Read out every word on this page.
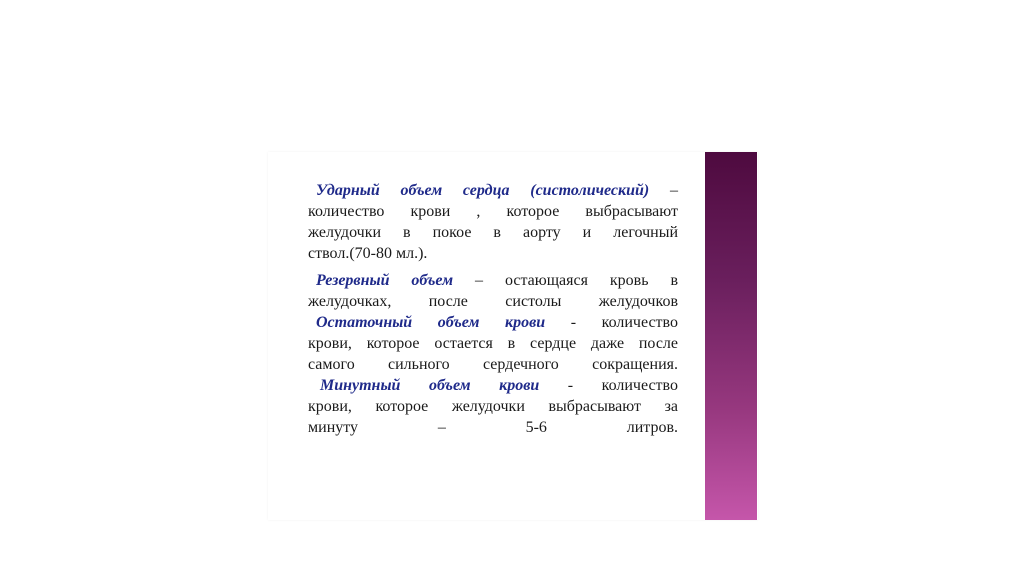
Ударный объем сердца (систолический) –
количество крови , которое выбрасывают
желудочки в покое в аорту и легочный
ствол.(70-80 мл.).
Резервный объем – остающаяся кровь в
желудочках, после систолы желудочков
Остаточный объем крови - количество
крови, которое остается в сердце даже после
самого сильного сердечного сокращения.
Минутный объем крови - количество
крови, которое желудочки выбрасывают за
минуту – 5-6 литров.
